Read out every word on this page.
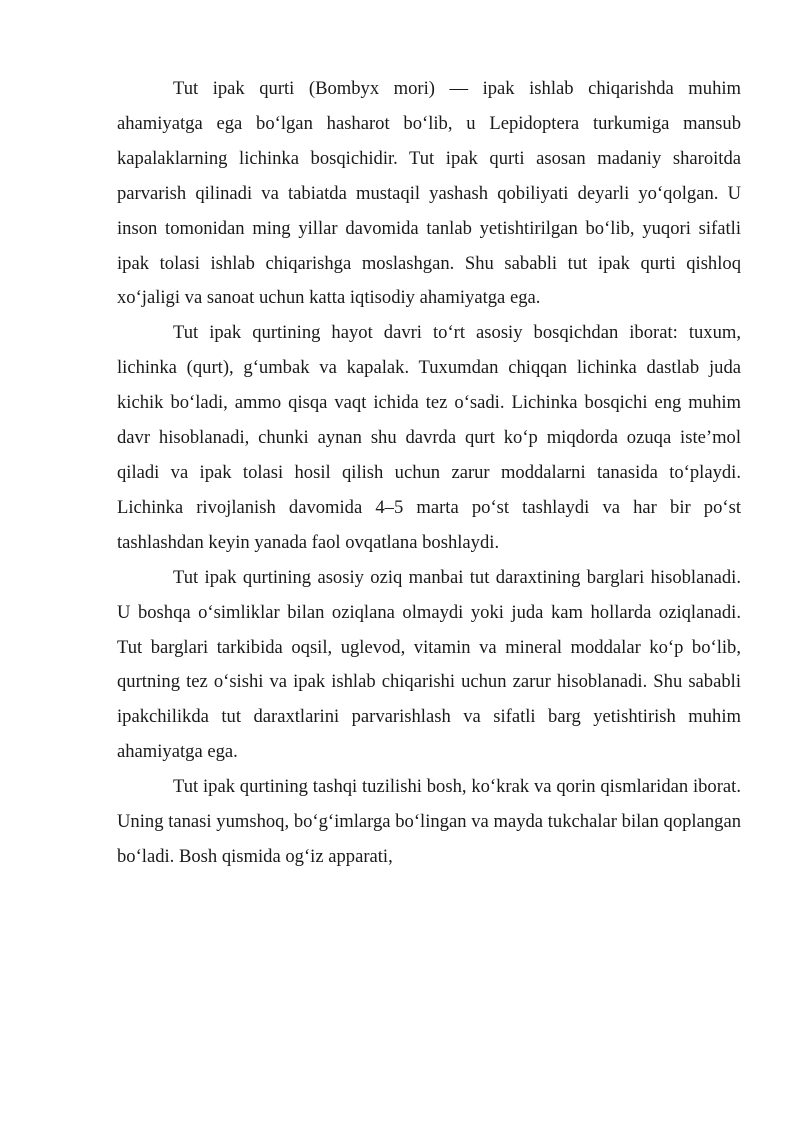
Tut ipak qurti (Bombyx mori) — ipak ishlab chiqarishda muhim ahamiyatga ega bo‘lgan hasharot bo‘lib, u Lepidoptera turkumiga mansub kapalaklarning lichinka bosqichidir. Tut ipak qurti asosan madaniy sharoitda parvarish qilinadi va tabiatda mustaqil yashash qobiliyati deyarli yo‘qolgan. U inson tomonidan ming yillar davomida tanlab yetishtirilgan bo‘lib, yuqori sifatli ipak tolasi ishlab chiqarishga moslashgan. Shu sababli tut ipak qurti qishloq xo‘jaligi va sanoat uchun katta iqtisodiy ahamiyatga ega.

Tut ipak qurtining hayot davri to‘rt asosiy bosqichdan iborat: tuxum, lichinka (qurt), g‘umbak va kapalak. Tuxumdan chiqqan lichinka dastlab juda kichik bo‘ladi, ammo qisqa vaqt ichida tez o‘sadi. Lichinka bosqichi eng muhim davr hisoblanadi, chunki aynan shu davrda qurt ko‘p miqdorda ozuqa iste’mol qiladi va ipak tolasi hosil qilish uchun zarur moddalarni tanasida to‘playdi. Lichinka rivojlanish davomida 4–5 marta po‘st tashlaydi va har bir po‘st tashlashdan keyin yanada faol ovqatlana boshlaydi.

Tut ipak qurtining asosiy oziq manbai tut daraxtining barglari hisoblanadi. U boshqa o‘simliklar bilan oziqlana olmaydi yoki juda kam hollarda oziqlanadi. Tut barglari tarkibida oqsil, uglevod, vitamin va mineral moddalar ko‘p bo‘lib, qurtning tez o‘sishi va ipak ishlab chiqarishi uchun zarur hisoblanadi. Shu sababli ipakchilikda tut daraxtlarini parvarishlash va sifatli barg yetishtirish muhim ahamiyatga ega.

Tut ipak qurtining tashqi tuzilishi bosh, ko‘krak va qorin qismlaridan iborat. Uning tanasi yumshoq, bo‘g‘imlarga bo‘lingan va mayda tukchalar bilan qoplangan bo‘ladi. Bosh qismida og‘iz apparati,
